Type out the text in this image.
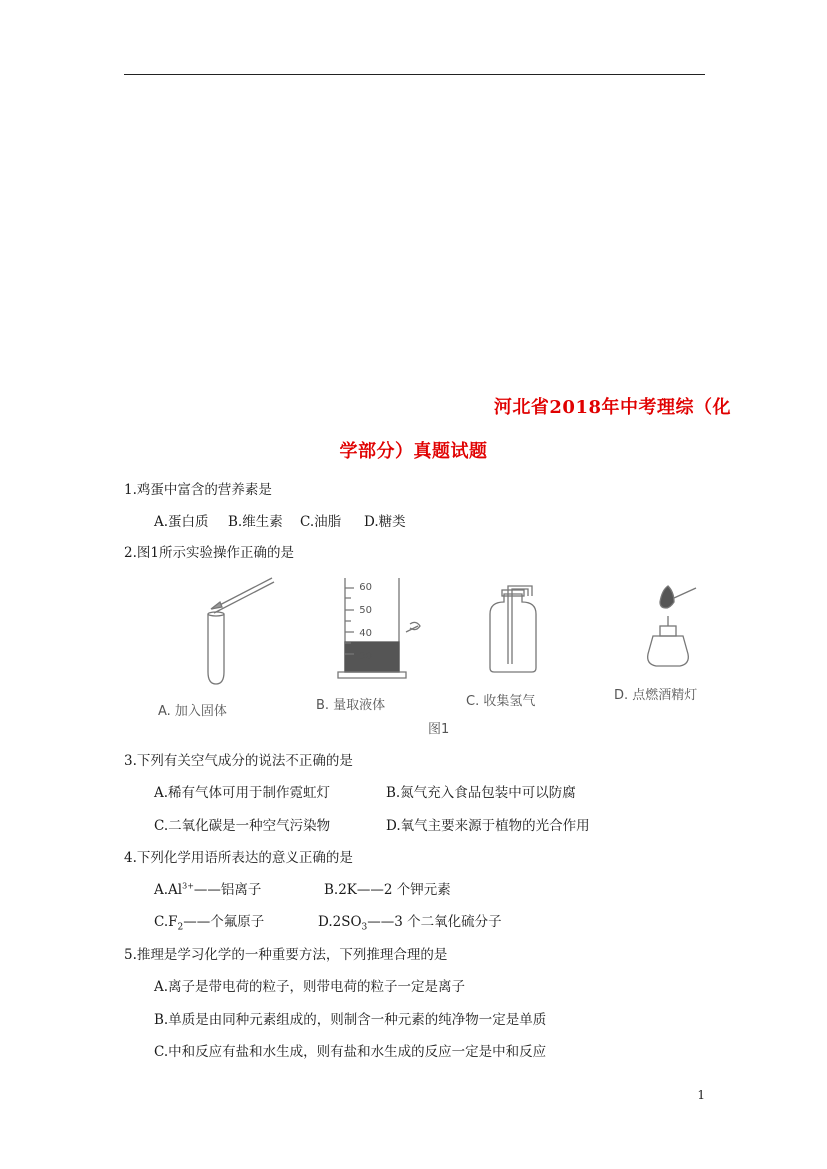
河北省2018年中考理综（化
学部分）真题试题
1.鸡蛋中富含的营养素是
A.蛋白质 B.维生素 C.油脂 D.糖类
2.图1所示实验操作正确的是
60
50
40
30
A. 加入固体	B. 量取液体	C. 收集氢气	D. 点燃酒精灯
图1
3.下列有关空气成分的说法不正确的是
A.稀有气体可用于制作霓虹灯	B.氮气充入食品包装中可以防腐
C.二氧化碳是一种空气污染物	D.氧气主要来源于植物的光合作用
4.下列化学用语所表达的意义正确的是
$A.Al^{3+}——$铝离子	B.2K——2 个钾元素
$C.F_2——$个氟原子	$D.2SO_3——3$ 个二氧化硫分子
5.推理是学习化学的一种重要方法，下列推理合理的是
A.离子是带电荷的粒子，则带电荷的粒子一定是离子
B.单质是由同种元素组成的，则制含一种元素的纯净物一定是单质
C.中和反应有盐和水生成，则有盐和水生成的反应一定是中和反应
1
